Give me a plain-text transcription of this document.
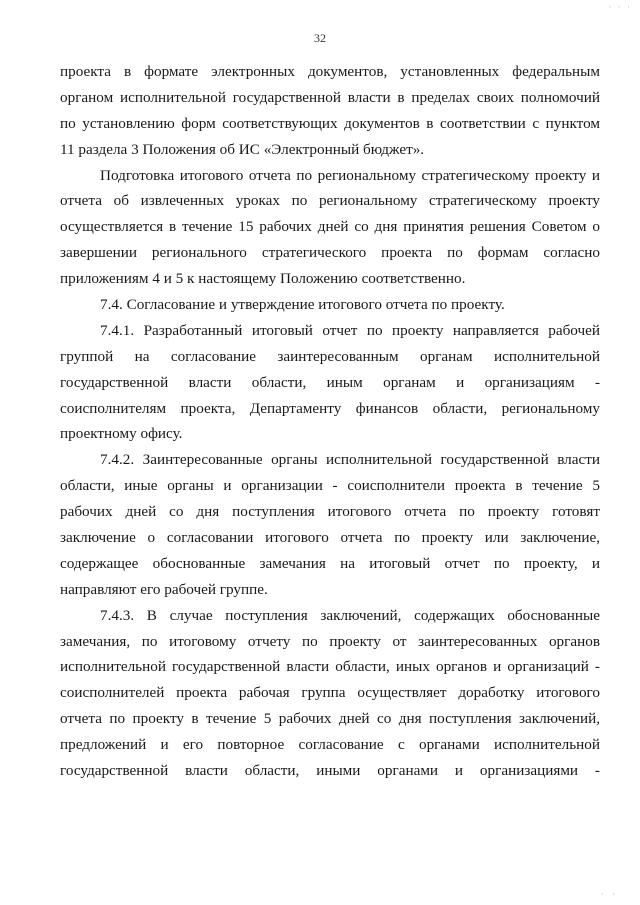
· · ·
32
проекта в формате электронных документов, установленных федеральным
органом исполнительной государственной власти в пределах своих полномочий
по установлению форм соответствующих документов в соответствии с пунктом
11 раздела 3 Положения об ИС «Электронный бюджет».
Подготовка итогового отчета по региональному стратегическому проекту и
отчета об извлеченных уроках по региональному стратегическому проекту
осуществляется в течение 15 рабочих дней со дня принятия решения Советом о
завершении регионального стратегического проекта по формам согласно
приложениям 4 и 5 к настоящему Положению соответственно.
7.4. Согласование и утверждение итогового отчета по проекту.
7.4.1. Разработанный итоговый отчет по проекту направляется рабочей
группой на согласование заинтересованным органам исполнительной
государственной власти области, иным органам и организациям -
соисполнителям проекта, Департаменту финансов области, региональному
проектному офису.
7.4.2. Заинтересованные органы исполнительной государственной власти
области, иные органы и организации - соисполнители проекта в течение 5
рабочих дней со дня поступления итогового отчета по проекту готовят
заключение о согласовании итогового отчета по проекту или заключение,
содержащее обоснованные замечания на итоговый отчет по проекту, и
направляют его рабочей группе.
7.4.3. В случае поступления заключений, содержащих обоснованные
замечания, по итоговому отчету по проекту от заинтересованных органов
исполнительной государственной власти области, иных органов и организаций -
соисполнителей проекта рабочая группа осуществляет доработку итогового
отчета по проекту в течение 5 рабочих дней со дня поступления заключений,
предложений и его повторное согласование с органами исполнительной
государственной власти области, иными органами и организациями -
· ·
